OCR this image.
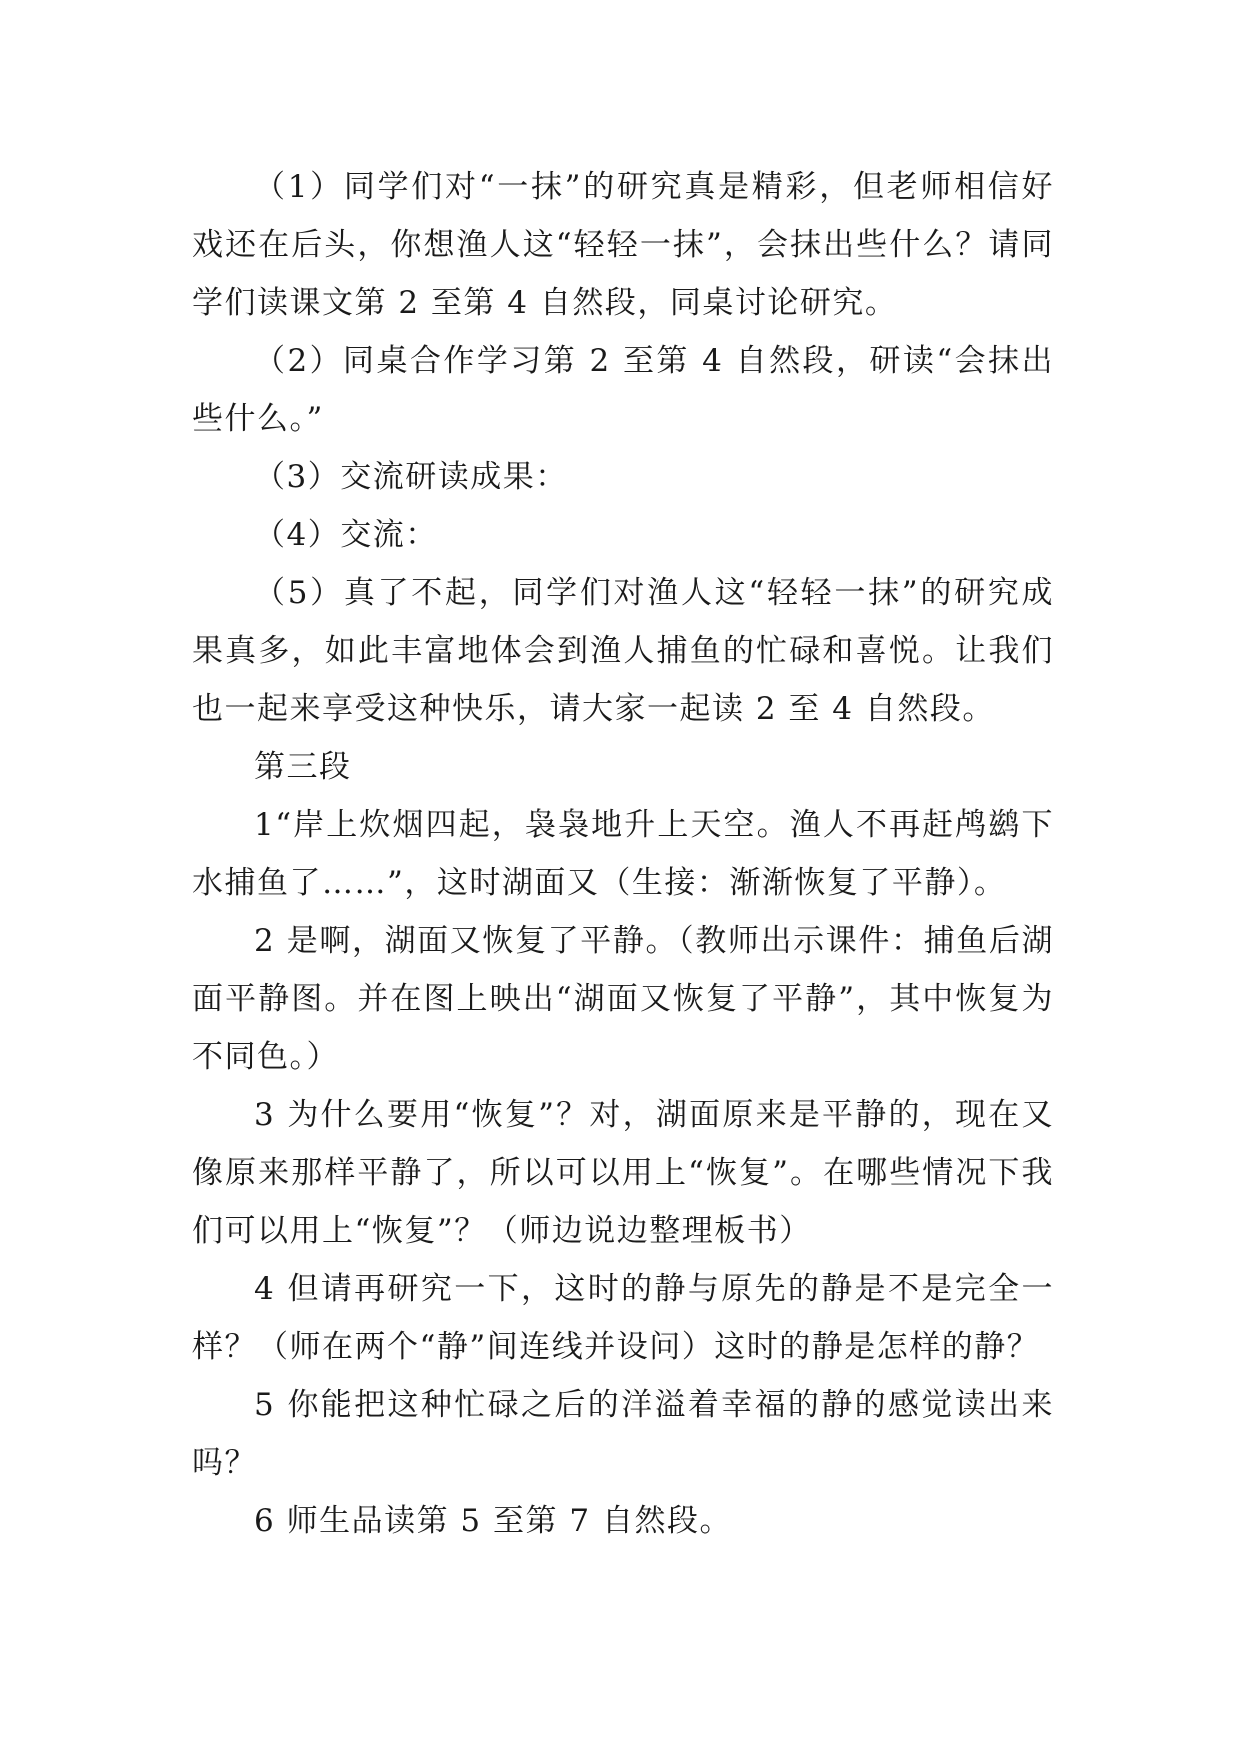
（1）同学们对“一抹”的研究真是精彩，但老师相信好戏还在后头，你想渔人这“轻轻一抹”，会抹出些什么？请同学们读课文第 2 至第 4 自然段，同桌讨论研究。

（2）同桌合作学习第 2 至第 4 自然段，研读“会抹出些什么。”

（3）交流研读成果：

（4）交流：

（5）真了不起，同学们对渔人这“轻轻一抹”的研究成果真多，如此丰富地体会到渔人捕鱼的忙碌和喜悦。让我们也一起来享受这种快乐，请大家一起读 2 至 4 自然段。

第三段

1“岸上炊烟四起，袅袅地升上天空。渔人不再赶鸬鹚下水捕鱼了……”，这时湖面又（生接：渐渐恢复了平静）。

2 是啊，湖面又恢复了平静。（教师出示课件：捕鱼后湖面平静图。并在图上映出“湖面又恢复了平静”，其中恢复为不同色。）

3 为什么要用“恢复”？对，湖面原来是平静的，现在又像原来那样平静了，所以可以用上“恢复”。在哪些情况下我们可以用上“恢复”？（师边说边整理板书）

4 但请再研究一下，这时的静与原先的静是不是完全一样？（师在两个“静”间连线并设问）这时的静是怎样的静？

5 你能把这种忙碌之后的洋溢着幸福的静的感觉读出来吗？

6 师生品读第 5 至第 7 自然段。
